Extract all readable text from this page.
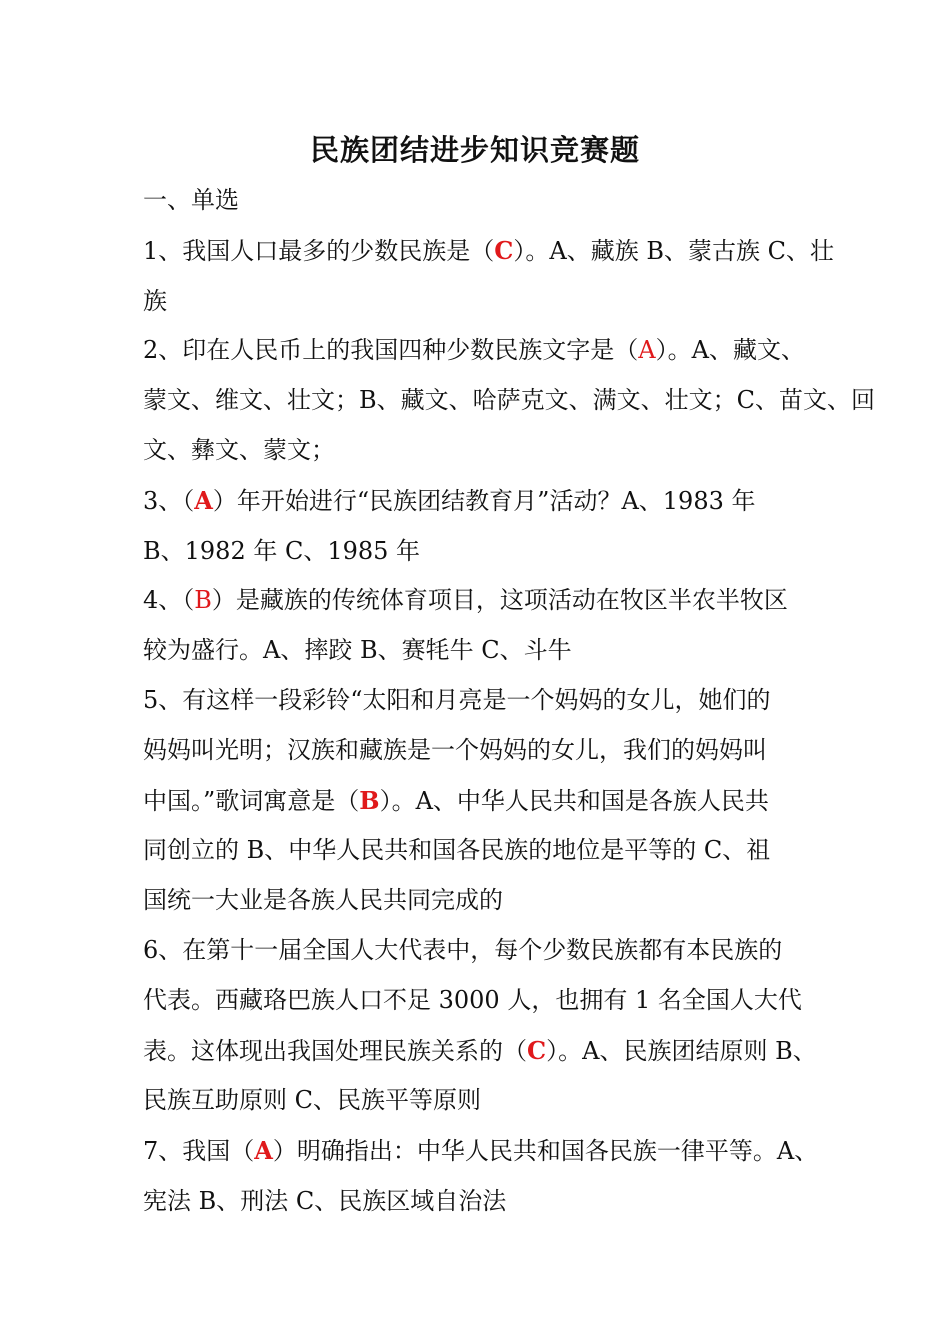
民族团结进步知识竞赛题
一、单选
1、我国人口最多的少数民族是（C）。A、藏族 B、蒙古族 C、壮
族
2、印在人民币上的我国四种少数民族文字是（A）。A、藏文、
蒙文、维文、壮文；B、藏文、哈萨克文、满文、壮文；C、苗文、回
文、彝文、蒙文；
3、（A）年开始进行“民族团结教育月”活动？A、1983 年
B、1982 年 C、1985 年
4、（B）是藏族的传统体育项目，这项活动在牧区半农半牧区
较为盛行。A、摔跤 B、赛牦牛 C、斗牛
5、有这样一段彩铃“太阳和月亮是一个妈妈的女儿，她们的
妈妈叫光明；汉族和藏族是一个妈妈的女儿，我们的妈妈叫
中国。”歌词寓意是（B）。A、中华人民共和国是各族人民共
同创立的 B、中华人民共和国各民族的地位是平等的 C、祖
国统一大业是各族人民共同完成的
6、在第十一届全国人大代表中，每个少数民族都有本民族的
代表。西藏珞巴族人口不足 3000 人，也拥有 1 名全国人大代
表。这体现出我国处理民族关系的（C）。A、民族团结原则 B、
民族互助原则 C、民族平等原则
7、我国（A）明确指出：中华人民共和国各民族一律平等。A、
宪法 B、刑法 C、民族区域自治法
